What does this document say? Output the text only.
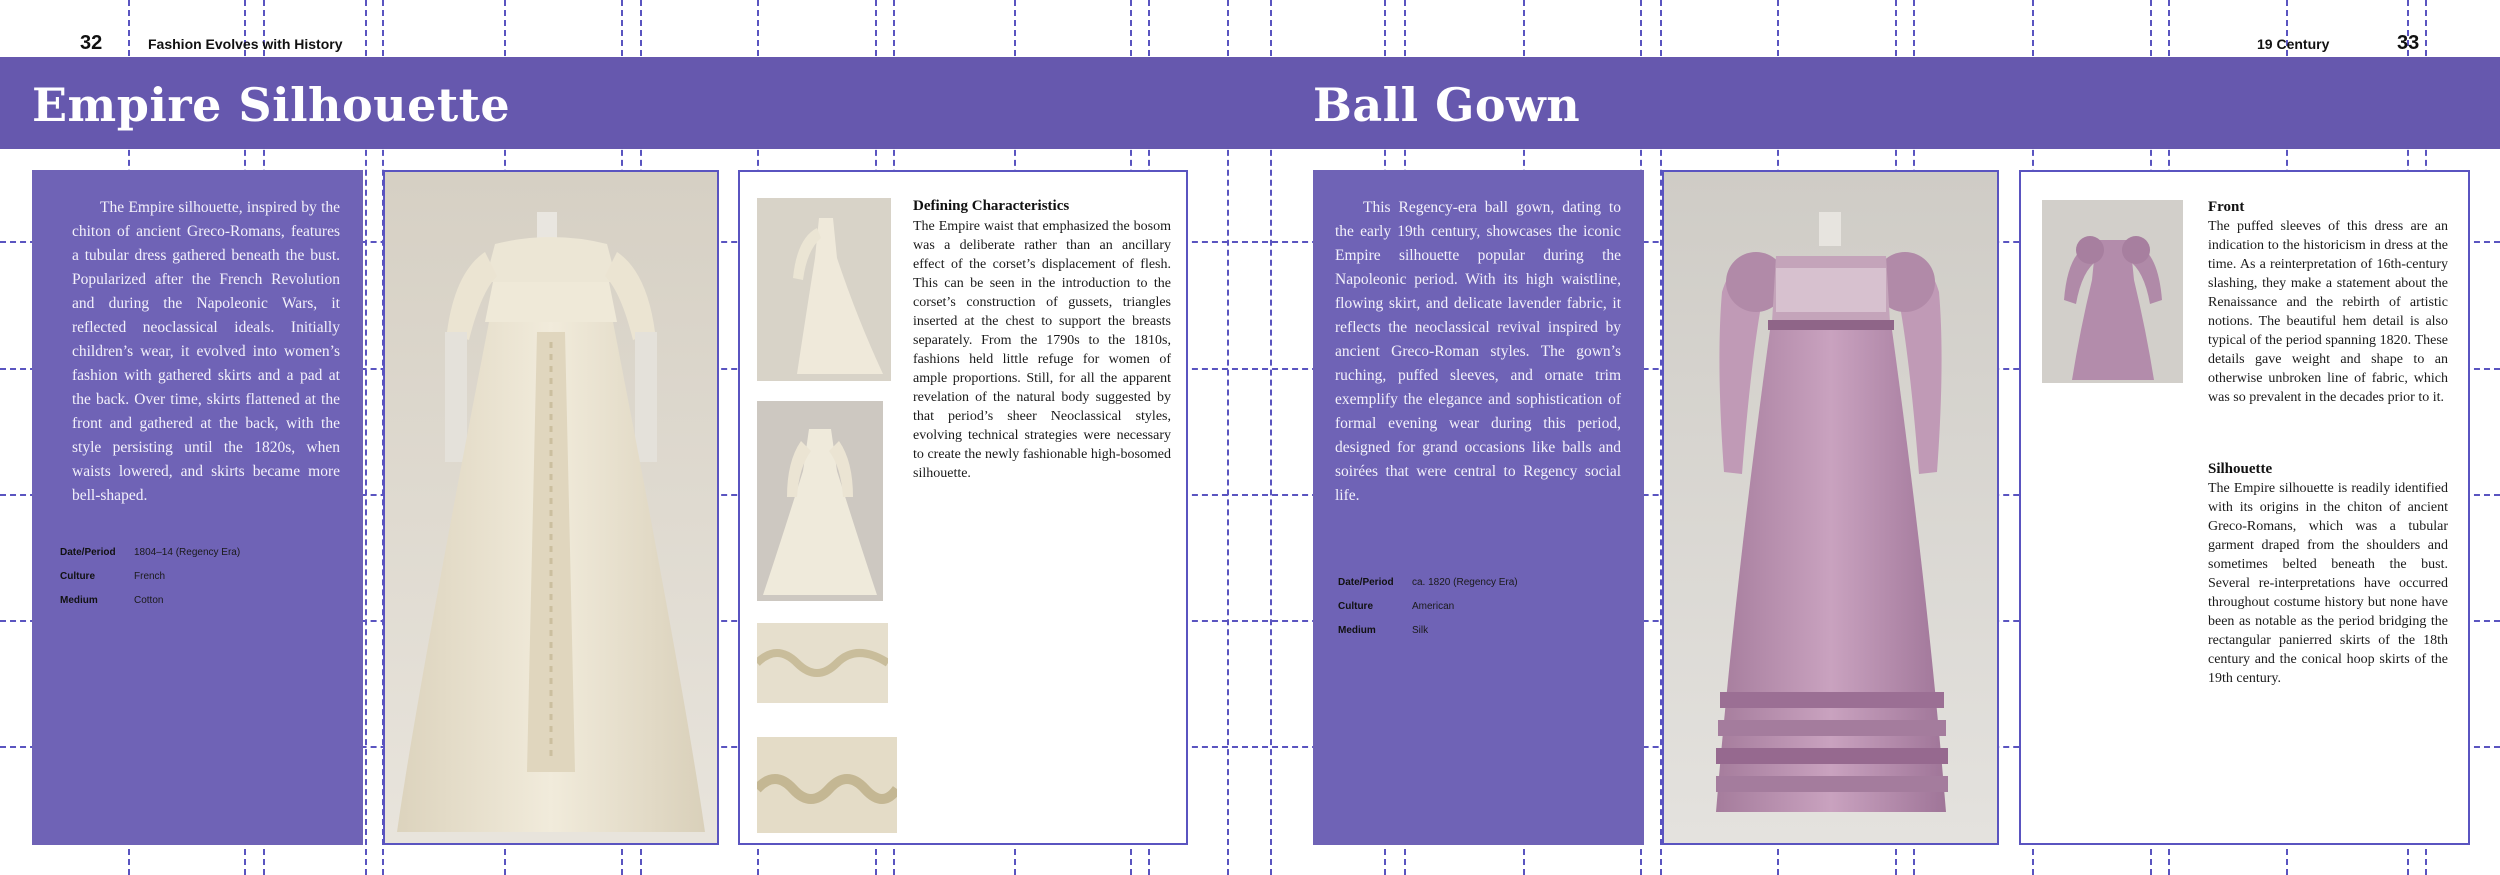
32	Fashion Evolves with History	19 Century	33
Empire Silhouette	Ball Gown

The Empire silhouette, inspired by the chiton of ancient Greco-Romans, features a tubular dress gathered beneath the bust. Popularized after the French Revolution and during the Napoleonic Wars, it reflected neoclassical ideals. Initially children’s wear, it evolved into women’s fashion with gathered skirts and a pad at the back. Over time, skirts flattened at the front and gathered at the back, with the style persisting until the 1820s, when waists lowered, and skirts became more bell-shaped.

Date/Period	1804–14 (Regency Era)
Culture	French
Medium	Cotton
Defining Characteristics

The Empire waist that emphasized the bosom was a deliberate rather than an ancillary effect of the corset’s displacement of flesh. This can be seen in the introduction to the corset’s construction of gussets, triangles inserted at the chest to support the breasts separately. From the 1790s to the 1810s, fashions held little refuge for women of ample proportions. Still, for all the apparent revelation of the natural body suggested by that period’s sheer Neoclassical styles, evolving technical strategies were necessary to create the newly fashionable high-bosomed silhouette.

This Regency-era ball gown, dating to the early 19th century, showcases the iconic Empire silhouette popular during the Napoleonic period. With its high waistline, flowing skirt, and delicate lavender fabric, it reflects the neoclassical revival inspired by ancient Greco-Roman styles. The gown’s ruching, puffed sleeves, and ornate trim exemplify the elegance and sophistication of formal evening wear during this period, designed for grand occasions like balls and soirées that were central to Regency social life.

Date/Period	ca. 1820 (Regency Era)
Culture	American
Medium	Silk
Front

The puffed sleeves of this dress are an indication to the historicism in dress at the time. As a reinterpretation of 16th-century slashing, they make a statement about the Renaissance and the rebirth of artistic notions. The beautiful hem detail is also typical of the period spanning 1820. These details gave weight and shape to an otherwise unbroken line of fabric, which was so prevalent in the decades prior to it.

Silhouette

The Empire silhouette is readily identified with its origins in the chiton of ancient Greco-Romans, which was a tubular garment draped from the shoulders and sometimes belted beneath the bust. Several re-interpretations have occurred throughout costume history but none have been as notable as the period bridging the rectangular panierred skirts of the 18th century and the conical hoop skirts of the 19th century.
